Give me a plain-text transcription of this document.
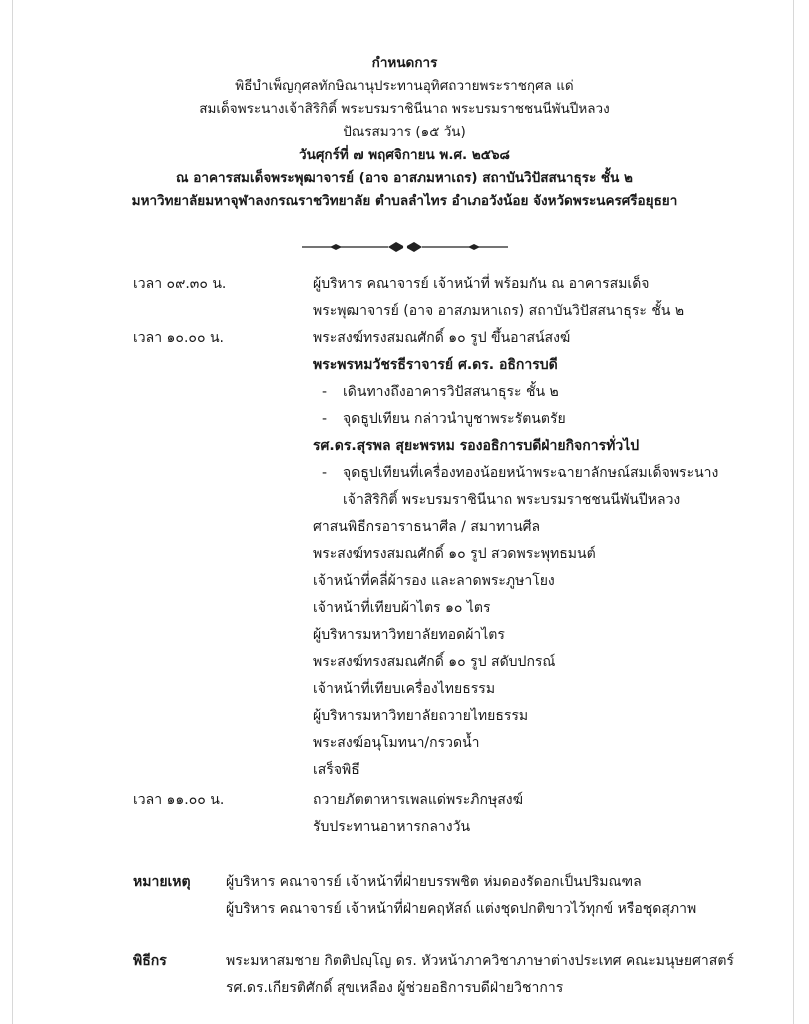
กำหนดการ
พิธีบำเพ็ญกุศลทักษิณานุประทานอุทิศถวายพระราชกุศล แด่
สมเด็จพระนางเจ้าสิริกิติ์ พระบรมราชินีนาถ พระบรมราชชนนีพันปีหลวง
ปัณรสมวาร (๑๕ วัน)
วันศุกร์ที่ ๗ พฤศจิกายน พ.ศ. ๒๕๖๘
ณ อาคารสมเด็จพระพุฒาจารย์ (อาจ อาสภมหาเถร) สถาบันวิปัสสนาธุระ ชั้น ๒
มหาวิทยาลัยมหาจุฬาลงกรณราชวิทยาลัย ตำบลลำไทร อำเภอวังน้อย จังหวัดพระนครศรีอยุธยา
เวลา ๐๙.๓๐ น.	ผู้บริหาร คณาจารย์ เจ้าหน้าที่ พร้อมกัน ณ อาคารสมเด็จ
พระพุฒาจารย์ (อาจ อาสภมหาเถร) สถาบันวิปัสสนาธุระ ชั้น ๒
เวลา ๑๐.๐๐ น.	พระสงฆ์ทรงสมณศักดิ์ ๑๐ รูป ขึ้นอาสน์สงฆ์
พระพรหมวัชรธีราจารย์ ศ.ดร. อธิการบดี
- เดินทางถึงอาคารวิปัสสนาธุระ ชั้น ๒
- จุดธูปเทียน กล่าวนำบูชาพระรัตนตรัย
รศ.ดร.สุรพล สุยะพรหม รองอธิการบดีฝ่ายกิจการทั่วไป
- จุดธูปเทียนที่เครื่องทองน้อยหน้าพระฉายาลักษณ์สมเด็จพระนาง
เจ้าสิริกิติ์ พระบรมราชินีนาถ พระบรมราชชนนีพันปีหลวง
ศาสนพิธีกรอาราธนาศีล / สมาทานศีล
พระสงฆ์ทรงสมณศักดิ์ ๑๐ รูป สวดพระพุทธมนต์
เจ้าหน้าที่คลี่ผ้ารอง และลาดพระภูษาโยง
เจ้าหน้าที่เทียบผ้าไตร ๑๐ ไตร
ผู้บริหารมหาวิทยาลัยทอดผ้าไตร
พระสงฆ์ทรงสมณศักดิ์ ๑๐ รูป สดับปกรณ์
เจ้าหน้าที่เทียบเครื่องไทยธรรม
ผู้บริหารมหาวิทยาลัยถวายไทยธรรม
พระสงฆ์อนุโมทนา/กรวดน้ำ
เสร็จพิธี
เวลา ๑๑.๐๐ น.	ถวายภัตตาหารเพลแด่พระภิกษุสงฆ์
รับประทานอาหารกลางวัน
หมายเหตุ	ผู้บริหาร คณาจารย์ เจ้าหน้าที่ฝ่ายบรรพชิต ห่มดองรัดอกเป็นปริมณฑล
ผู้บริหาร คณาจารย์ เจ้าหน้าที่ฝ่ายคฤหัสถ์ แต่งชุดปกติขาวไว้ทุกข์ หรือชุดสุภาพ
พิธีกร	พระมหาสมชาย กิตติปญฺโญ ดร. หัวหน้าภาควิชาภาษาต่างประเทศ คณะมนุษยศาสตร์
รศ.ดร.เกียรติศักดิ์ สุขเหลือง ผู้ช่วยอธิการบดีฝ่ายวิชาการ
